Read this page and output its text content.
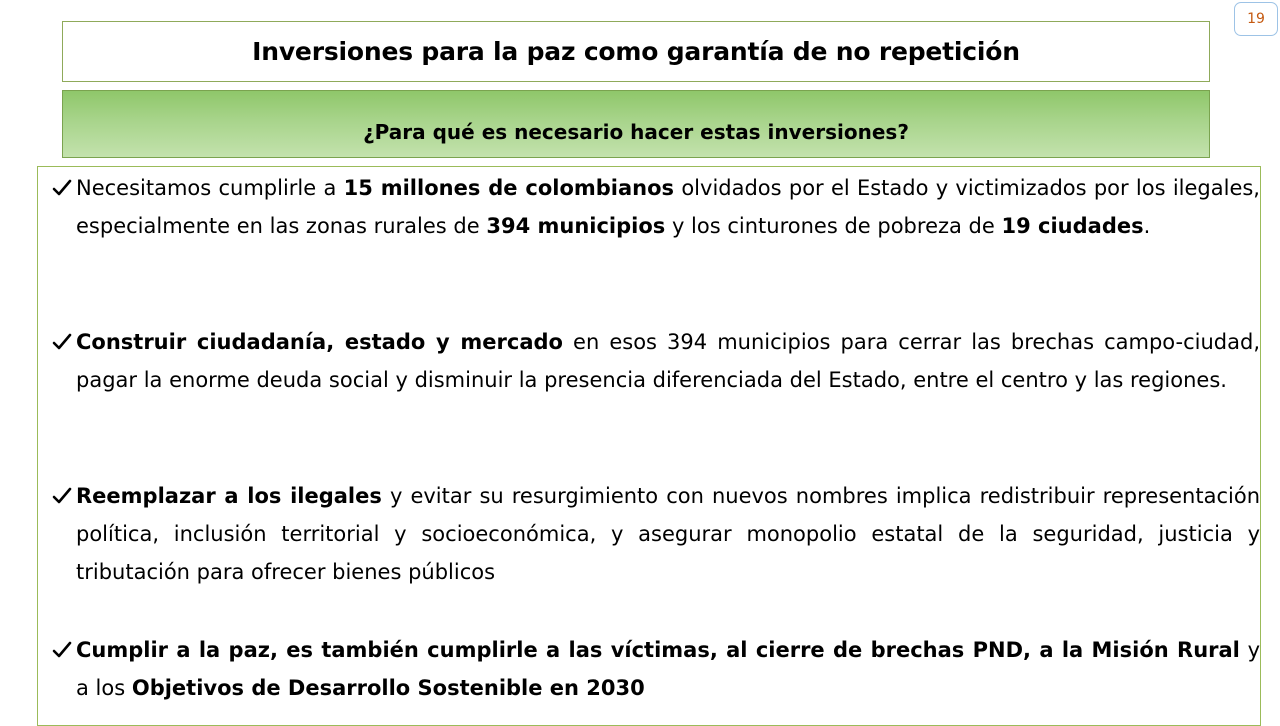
19
Inversiones para la paz como garantía de no repetición
¿Para qué es necesario hacer estas inversiones?
Necesitamos cumplirle a 15 millones de colombianos olvidados por el Estado y victimizados por los ilegales, especialmente en las zonas rurales de 394 municipios y los cinturones de pobreza de 19 ciudades.
Construir ciudadanía, estado y mercado en esos 394 municipios para cerrar las brechas campo-ciudad, pagar la enorme deuda social y disminuir la presencia diferenciada del Estado, entre el centro y las regiones.
Reemplazar a los ilegales y evitar su resurgimiento con nuevos nombres implica redistribuir representación política, inclusión territorial y socioeconómica, y asegurar monopolio estatal de la seguridad, justicia y tributación para ofrecer bienes públicos
Cumplir a la paz, es también cumplirle a las víctimas, al cierre de brechas PND, a la Misión Rural y a los Objetivos de Desarrollo Sostenible en 2030
